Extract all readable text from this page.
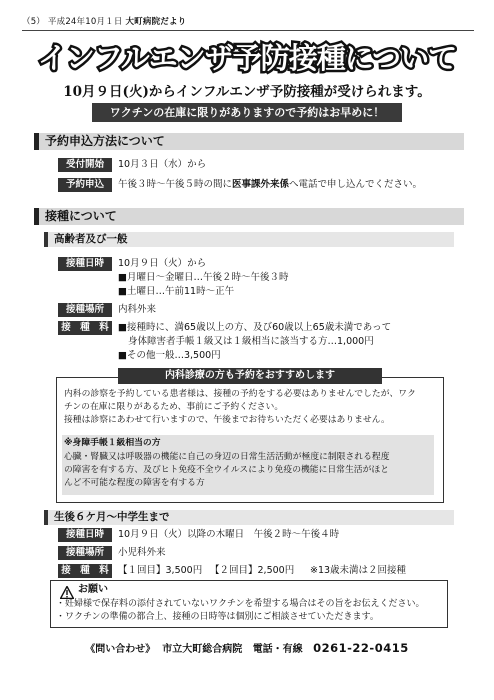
（5） 平成24年10月１日 大町病院だより
インフルエンザ予防接種について
10月９日(火)からインフルエンザ予防接種が受けられます。
ワクチンの在庫に限りがありますので予約はお早めに！
予約申込方法について
受付開始	10月３日（水）から
予約申込	午後３時～午後５時の間に医事課外来係へ電話で申し込んでください。
接種について
高齢者及び一般
接種日時	10月９日（火）から
■月曜日～金曜日…午後２時～午後３時
■土曜日…午前11時～正午
接種場所	内科外来
接　種　料 ■接種時に、満65歳以上の方、及び60歳以上65歳未満であって
身体障害者手帳１級又は１級相当に該当する方…1,000円
■その他一般…3,500円
内科診療の方も予約をおすすめします
内科の診察を予約している患者様は、接種の予約をする必要はありませんでしたが、ワク
チンの在庫に限りがあるため、事前にご予約ください。
接種は診察にあわせて行いますので、午後までお待ちいただく必要はありません。
※身障手帳１級相当の方
心臓・腎臓又は呼吸器の機能に自己の身辺の日常生活活動が極度に制限される程度
の障害を有する方、及びヒト免疫不全ウイルスにより免疫の機能に日常生活がほと
んど不可能な程度の障害を有する方
生後６ケ月～中学生まで
接種日時	10月９日（火）以降の木曜日　午後２時～午後４時
接種場所	小児科外来
接　種　料 【１回目】3,500円 【２回目】2,500円 ※13歳未満は２回接種
お願い
・妊婦様で保存料の添付されていないワクチンを希望する場合はその旨をお伝えください。
・ワクチンの準備の都合上、接種の日時等は個別にご相談させていただきます。
《問い合わせ》 市立大町総合病院 電話・有線 0261-22-0415
